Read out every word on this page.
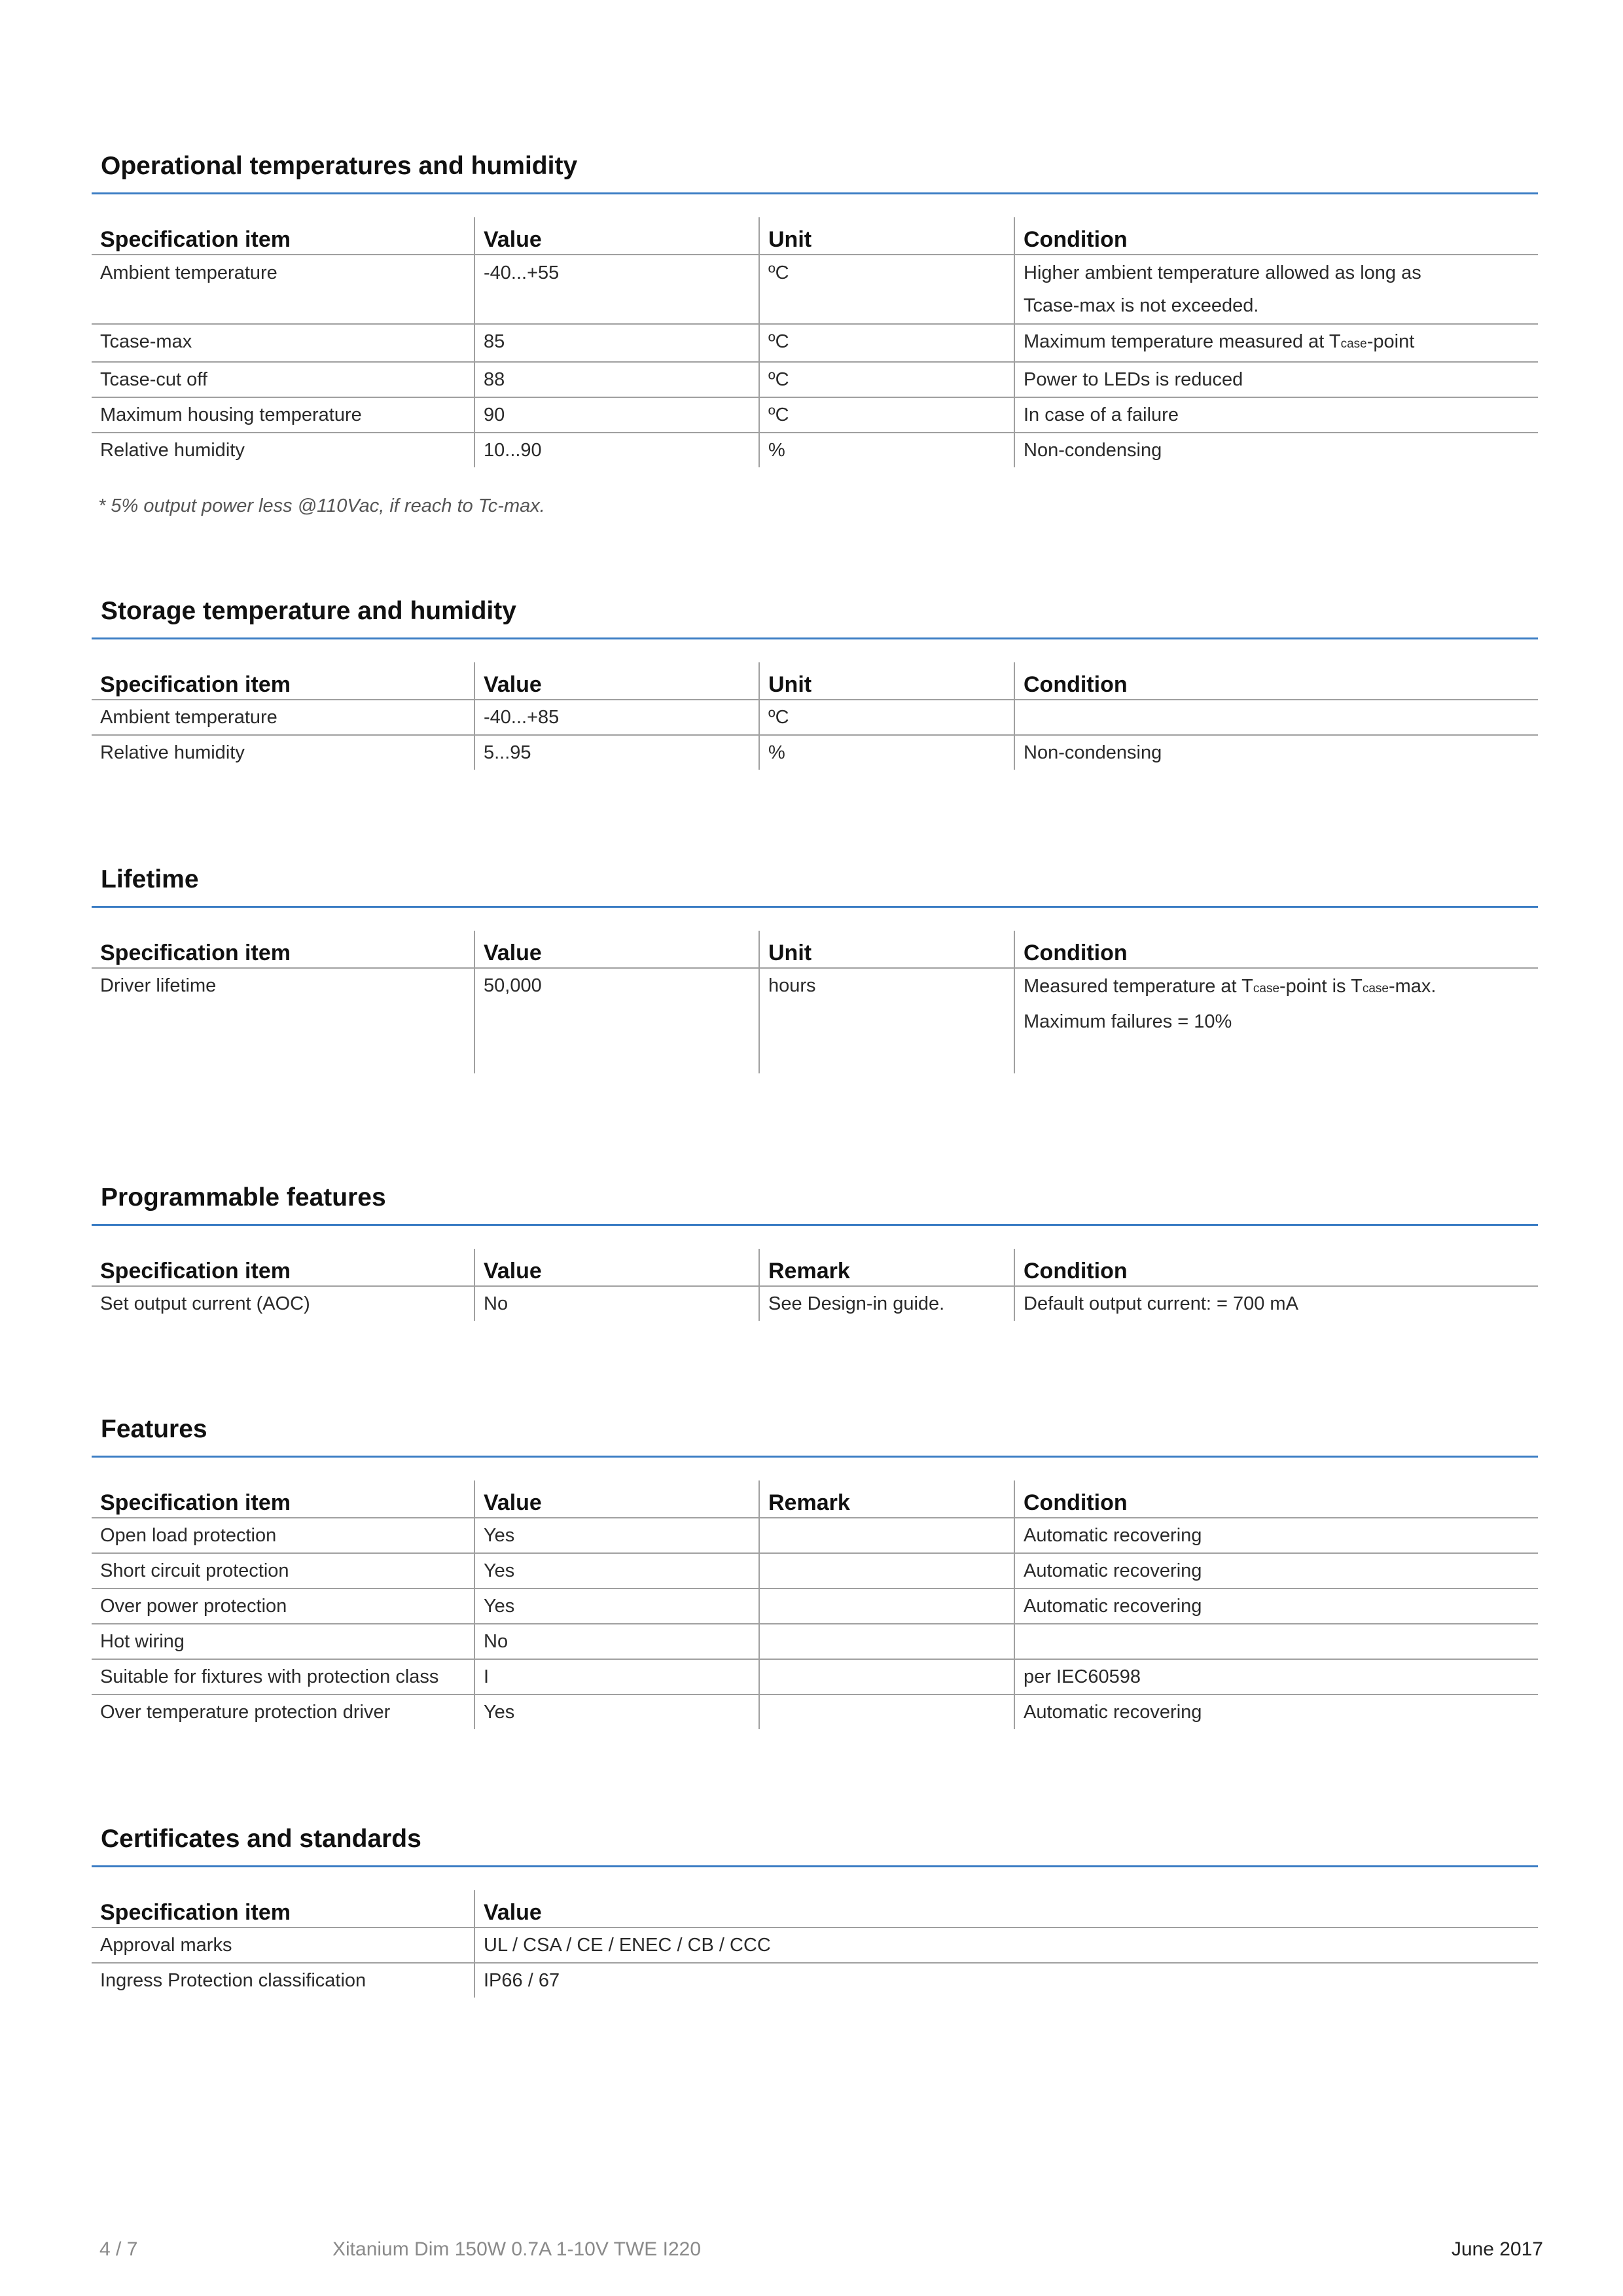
Operational temperatures and humidity
Specification item	Value	Unit	Condition
Ambient temperature	-40...+55	ºC	Higher ambient temperature allowed as long as
Tcase-max is not exceeded.
Tcase-max	85	ºC	Maximum temperature measured at Tcase-point
Tcase-cut off	88	ºC	Power to LEDs is reduced
Maximum housing temperature	90	ºC	In case of a failure
Relative humidity	10...90	%	Non-condensing
* 5% output power less @110Vac, if reach to Tc-max.
Storage temperature and humidity
Specification item	Value	Unit	Condition
Ambient temperature	-40...+85	ºC	
Relative humidity	5...95	%	Non-condensing
Lifetime
Specification item	Value	Unit	Condition
Driver lifetime	50,000	hours	Measured temperature at Tcase-point is Tcase-max.
Maximum failures = 10%
Programmable features
Specification item	Value	Remark	Condition
Set output current (AOC)	No	See Design-in guide.	Default output current: = 700 mA
Features
Specification item	Value	Remark	Condition
Open load protection	Yes		Automatic recovering
Short circuit protection	Yes		Automatic recovering
Over power protection	Yes		Automatic recovering
Hot wiring	No		
Suitable for fixtures with protection class	I		per IEC60598
Over temperature protection driver	Yes		Automatic recovering
Certificates and standards
Specification item	Value
Approval marks	UL / CSA / CE / ENEC / CB / CCC
Ingress Protection classification	IP66 / 67
4 / 7	Xitanium Dim 150W 0.7A 1-10V TWE I220	June 2017
